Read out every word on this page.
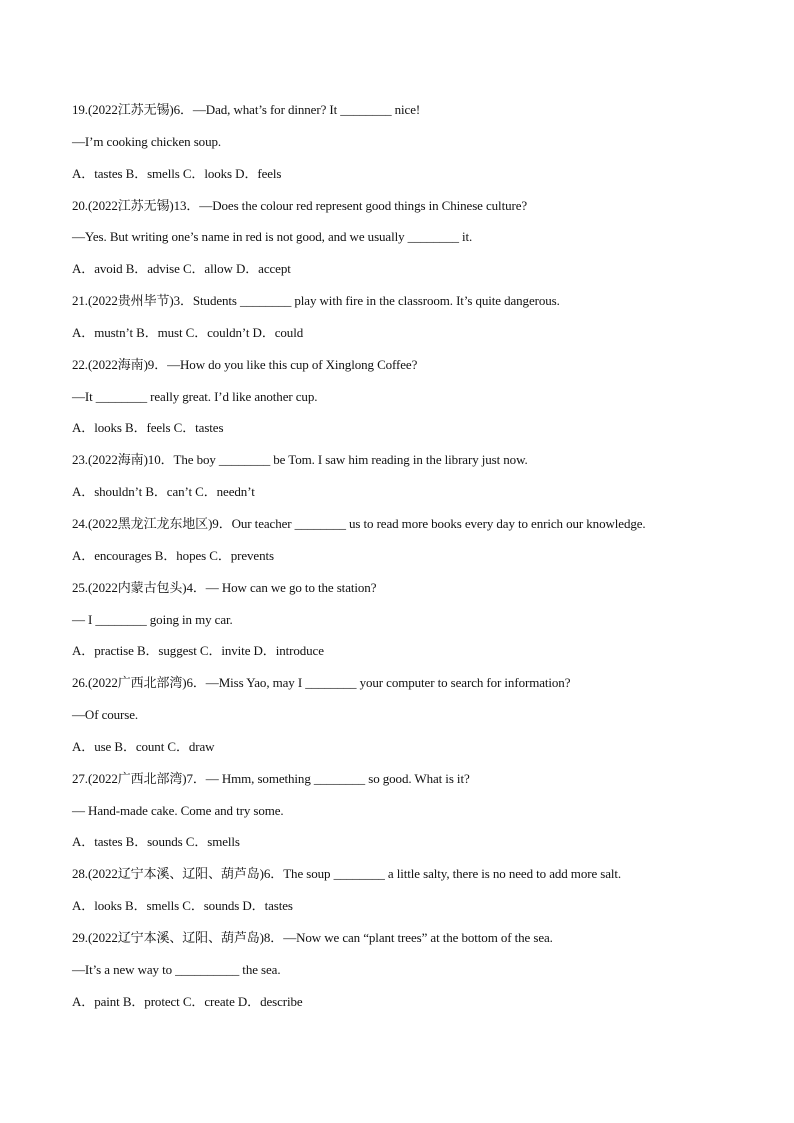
19.(2022江苏无锡)6．—Dad, what’s for dinner? It ________ nice!
—I’m cooking chicken soup.
A．tastes B．smells C．looks D．feels
20.(2022江苏无锡)13．—Does the colour red represent good things in Chinese culture?
—Yes. But writing one’s name in red is not good, and we usually ________ it.
A．avoid B．advise C．allow D．accept
21.(2022贵州毕节)3．Students ________ play with fire in the classroom. It’s quite dangerous.
A．mustn’t B．must C．couldn’t D．could
22.(2022海南)9．—How do you like this cup of Xinglong Coffee?
—It ________ really great. I’d like another cup.
A．looks B．feels C．tastes
23.(2022海南)10．The boy ________ be Tom. I saw him reading in the library just now.
A．shouldn’t B．can’t C．needn’t
24.(2022黑龙江龙东地区)9．Our teacher ________ us to read more books every day to enrich our knowledge.
A．encourages B．hopes C．prevents
25.(2022内蒙古包头)4．— How can we go to the station?
— I ________ going in my car.
A．practise B．suggest C．invite D．introduce
26.(2022广西北部湾)6．—Miss Yao, may I ________ your computer to search for information?
—Of course.
A．use B．count C．draw
27.(2022广西北部湾)7．— Hmm, something ________ so good. What is it?
— Hand-made cake. Come and try some.
A．tastes B．sounds C．smells
28.(2022辽宁本溪、辽阳、葫芦岛)6．The soup ________ a little salty, there is no need to add more salt.
A．looks B．smells C．sounds D．tastes
29.(2022辽宁本溪、辽阳、葫芦岛)8．—Now we can “plant trees” at the bottom of the sea.
—It’s a new way to __________ the sea.
A．paint B．protect C．create D．describe
